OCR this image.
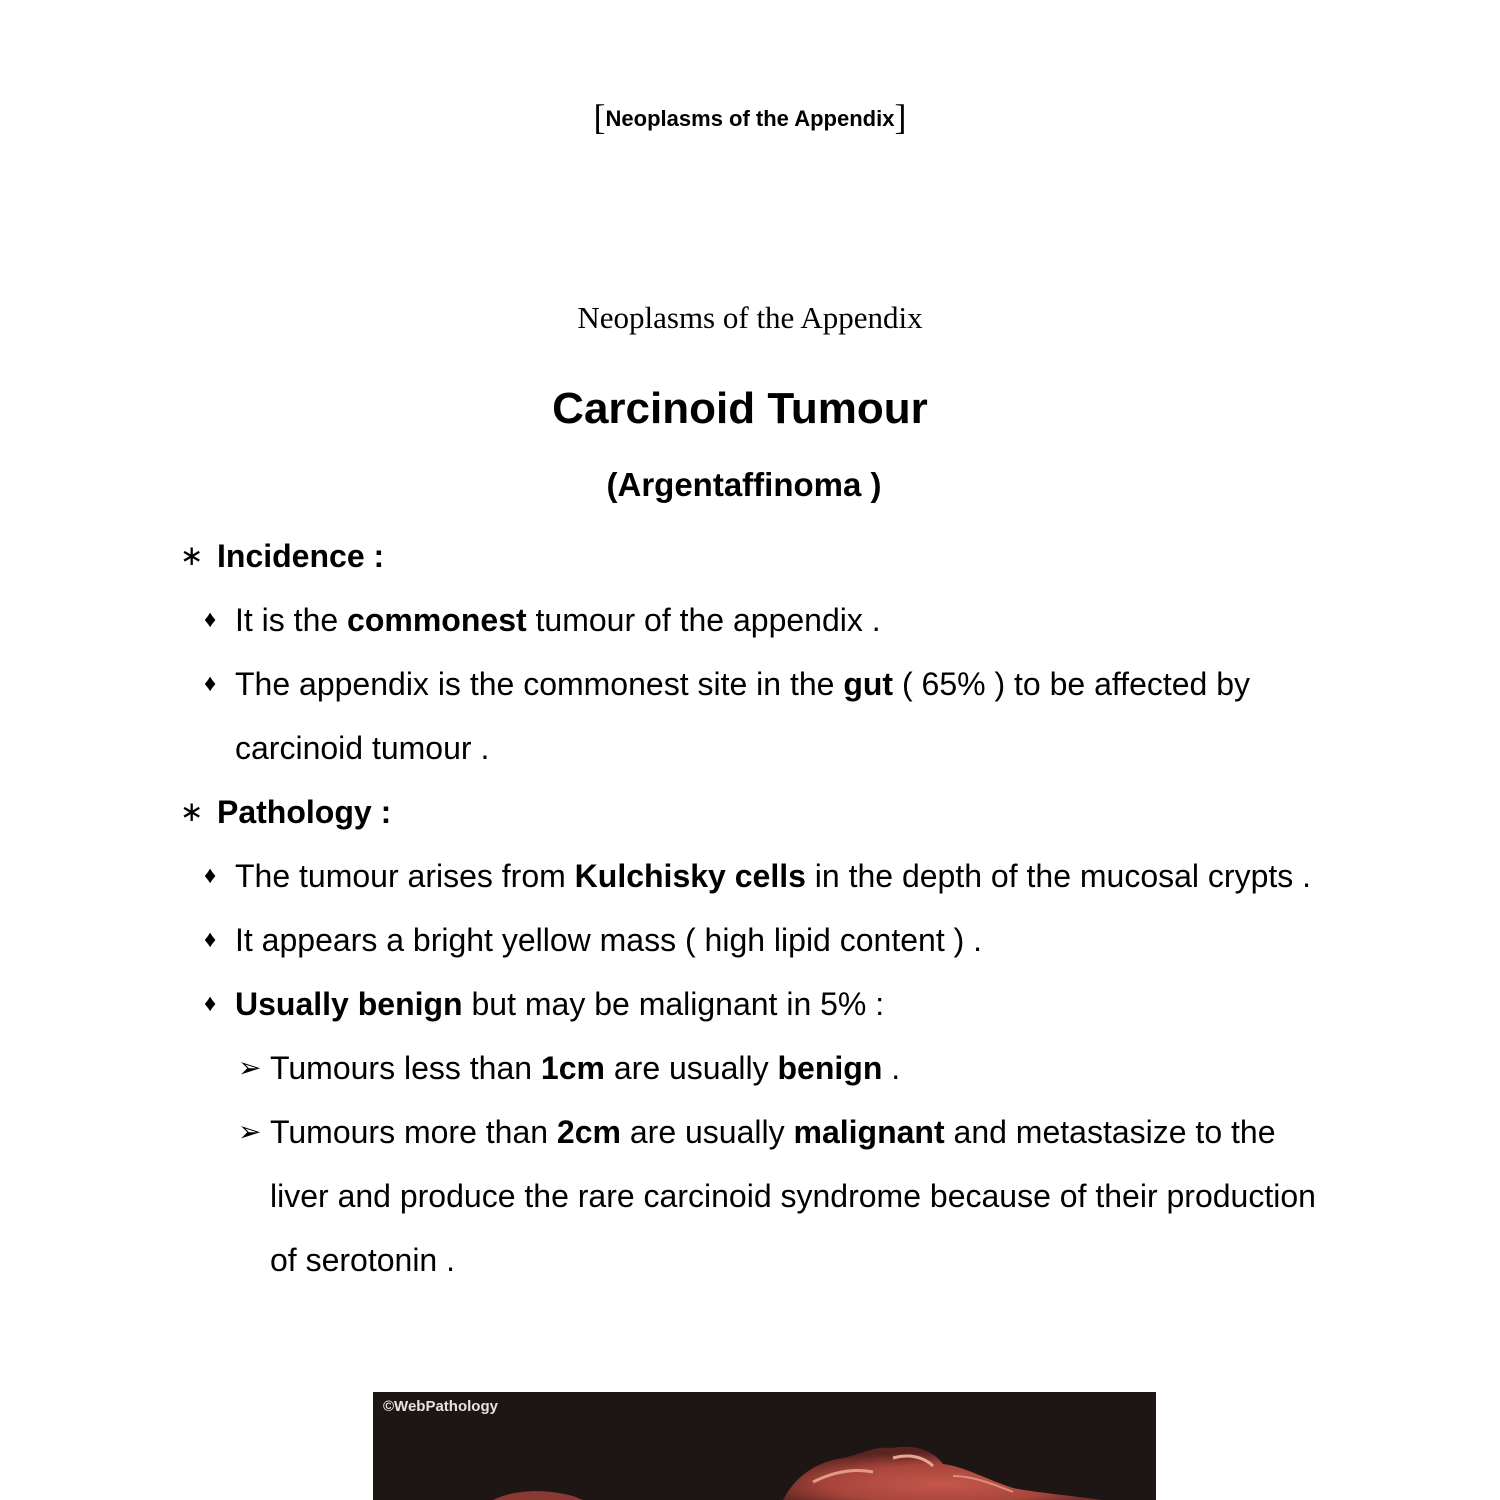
[Neoplasms of the Appendix]
Neoplasms of the Appendix
Carcinoid Tumour
(Argentaffinoma )
∗ Incidence :
♦ It is the commonest tumour of the appendix .
♦ The appendix is the commonest site in the gut ( 65% ) to be affected by carcinoid tumour .
∗ Pathology :
♦ The tumour arises from Kulchisky cells in the depth of the mucosal crypts .
♦ It appears a bright yellow mass ( high lipid content ) .
♦ Usually benign but may be malignant in 5% :
➢ Tumours less than 1cm are usually benign .
➢ Tumours more than 2cm are usually malignant and metastasize to the liver and produce the rare carcinoid syndrome because of their production of serotonin .
©WebPathology
